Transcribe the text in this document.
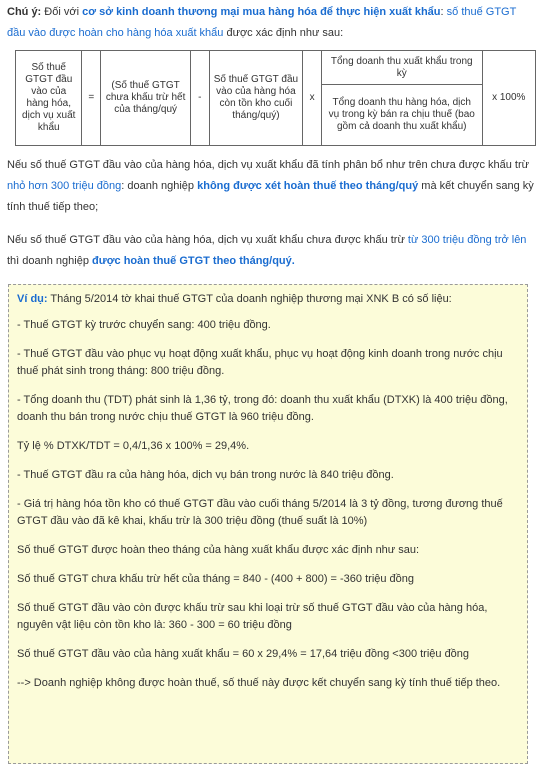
Chú ý: Đối với cơ sở kinh doanh thương mại mua hàng hóa để thực hiện xuất khẩu: số thuế GTGT đầu vào được hoàn cho hàng hóa xuất khẩu được xác định như sau:

Số thuế GTGT đầu vào của hàng hóa, dịch vụ xuất khẩu	=	(Số thuế GTGT chưa khấu trừ hết của tháng/quý	-	Số thuế GTGT đầu vào của hàng hóa còn tồn kho cuối tháng/quý)	x	Tổng doanh thu xuất khẩu trong kỳ	x 100%
Tổng doanh thu hàng hóa, dịch vụ trong kỳ bán ra chịu thuế (bao gồm cả doanh thu xuất khẩu)

Nếu số thuế GTGT đầu vào của hàng hóa, dịch vụ xuất khẩu đã tính phân bổ như trên chưa được khấu trừ nhỏ hơn 300 triệu đồng: doanh nghiệp không được xét hoàn thuế theo tháng/quý mà kết chuyển sang kỳ tính thuế tiếp theo;

Nếu số thuế GTGT đầu vào của hàng hóa, dịch vụ xuất khẩu chưa được khấu trừ từ 300 triệu đồng trở lên thì doanh nghiệp được hoàn thuế GTGT theo tháng/quý.

Ví dụ: Tháng 5/2014 tờ khai thuế GTGT của doanh nghiệp thương mại XNK B có số liệu:

- Thuế GTGT kỳ trước chuyển sang: 400 triệu đồng.

- Thuế GTGT đầu vào phục vụ hoạt động xuất khẩu, phục vụ hoạt động kinh doanh trong nước chịu thuế phát sinh trong tháng: 800 triệu đồng.

- Tổng doanh thu (TDT) phát sinh là 1,36 tỷ, trong đó: doanh thu xuất khẩu (DTXK) là 400 triệu đồng, doanh thu bán trong nước chịu thuế GTGT là 960 triệu đồng.

Tỷ lệ % DTXK/TDT = 0,4/1,36 x 100% = 29,4%.

- Thuế GTGT đầu ra của hàng hóa, dịch vụ bán trong nước là 840 triệu đồng.

- Giá trị hàng hóa tồn kho có thuế GTGT đầu vào cuối tháng 5/2014 là 3 tỷ đồng, tương đương thuế GTGT đầu vào đã kê khai, khấu trừ là 300 triệu đồng (thuế suất là 10%)

Số thuế GTGT được hoàn theo tháng của hàng xuất khẩu được xác định như sau:

Số thuế GTGT chưa khấu trừ hết của tháng = 840 - (400 + 800) = -360 triệu đồng

Số thuế GTGT đầu vào còn được khấu trừ sau khi loại trừ số thuế GTGT đầu vào của hàng hóa, nguyên vật liệu còn tồn kho là: 360 - 300 = 60 triệu đồng

Số thuế GTGT đầu vào của hàng xuất khẩu = 60 x 29,4% = 17,64 triệu đồng <300 triệu đồng

--> Doanh nghiệp không được hoàn thuế, số thuế này được kết chuyển sang kỳ tính thuế tiếp theo.
